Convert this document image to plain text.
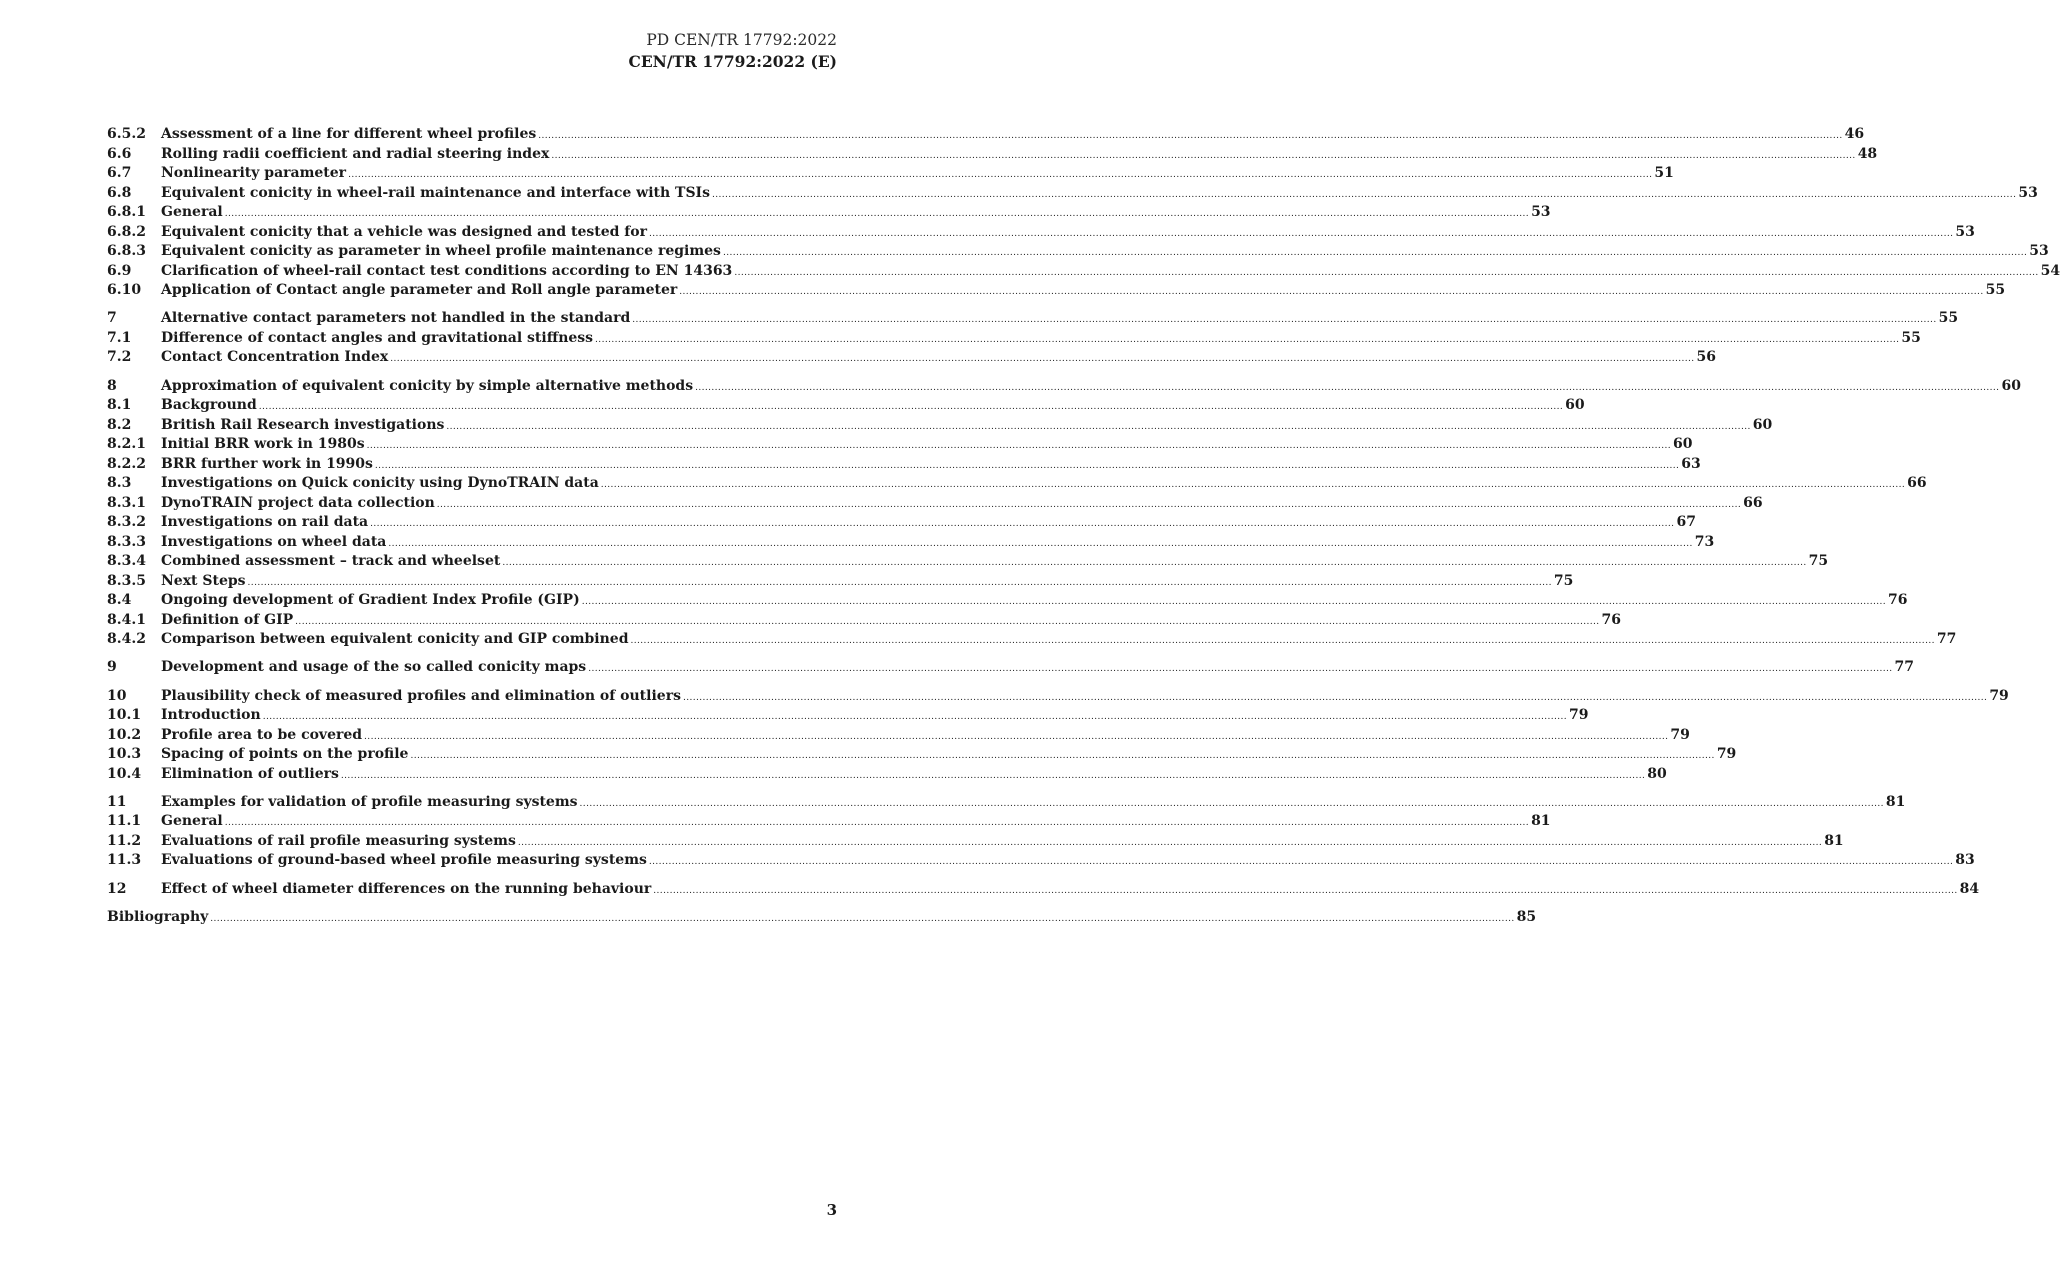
PD CEN/TR 17792:2022
CEN/TR 17792:2022 (E)
6.5.2	Assessment of a line for different wheel profiles ................................................................................................................................................................................................................................................................................................................................................................................................................ 46
6.6	Rolling radii coefficient and radial steering index ................................................................................................................................................................................................................................................................................................................................................................................................................ 48
6.7	Nonlinearity parameter ................................................................................................................................................................................................................................................................................................................................................................................................................ 51
6.8	Equivalent conicity in wheel-rail maintenance and interface with TSIs ................................................................................................................................................................................................................................................................................................................................................................................................................ 53
6.8.1	General ................................................................................................................................................................................................................................................................................................................................................................................................................ 53
6.8.2	Equivalent conicity that a vehicle was designed and tested for ................................................................................................................................................................................................................................................................................................................................................................................................................ 53
6.8.3	Equivalent conicity as parameter in wheel profile maintenance regimes ................................................................................................................................................................................................................................................................................................................................................................................................................ 53
6.9	Clarification of wheel-rail contact test conditions according to EN 14363 ................................................................................................................................................................................................................................................................................................................................................................................................................ 54
6.10	Application of Contact angle parameter and Roll angle parameter ................................................................................................................................................................................................................................................................................................................................................................................................................ 55
7	Alternative contact parameters not handled in the standard ................................................................................................................................................................................................................................................................................................................................................................................................................ 55
7.1	Difference of contact angles and gravitational stiffness ................................................................................................................................................................................................................................................................................................................................................................................................................ 55
7.2	Contact Concentration Index ................................................................................................................................................................................................................................................................................................................................................................................................................ 56
8	Approximation of equivalent conicity by simple alternative methods ................................................................................................................................................................................................................................................................................................................................................................................................................ 60
8.1	Background ................................................................................................................................................................................................................................................................................................................................................................................................................ 60
8.2	British Rail Research investigations ................................................................................................................................................................................................................................................................................................................................................................................................................ 60
8.2.1	Initial BRR work in 1980s ................................................................................................................................................................................................................................................................................................................................................................................................................ 60
8.2.2	BRR further work in 1990s ................................................................................................................................................................................................................................................................................................................................................................................................................ 63
8.3	Investigations on Quick conicity using DynoTRAIN data ................................................................................................................................................................................................................................................................................................................................................................................................................ 66
8.3.1	DynoTRAIN project data collection ................................................................................................................................................................................................................................................................................................................................................................................................................ 66
8.3.2	Investigations on rail data ................................................................................................................................................................................................................................................................................................................................................................................................................ 67
8.3.3	Investigations on wheel data ................................................................................................................................................................................................................................................................................................................................................................................................................ 73
8.3.4	Combined assessment – track and wheelset ................................................................................................................................................................................................................................................................................................................................................................................................................ 75
8.3.5	Next Steps ................................................................................................................................................................................................................................................................................................................................................................................................................ 75
8.4	Ongoing development of Gradient Index Profile (GIP) ................................................................................................................................................................................................................................................................................................................................................................................................................ 76
8.4.1	Definition of GIP ................................................................................................................................................................................................................................................................................................................................................................................................................ 76
8.4.2	Comparison between equivalent conicity and GIP combined ................................................................................................................................................................................................................................................................................................................................................................................................................ 77
9	Development and usage of the so called conicity maps ................................................................................................................................................................................................................................................................................................................................................................................................................ 77
10	Plausibility check of measured profiles and elimination of outliers ................................................................................................................................................................................................................................................................................................................................................................................................................ 79
10.1	Introduction ................................................................................................................................................................................................................................................................................................................................................................................................................ 79
10.2	Profile area to be covered ................................................................................................................................................................................................................................................................................................................................................................................................................ 79
10.3	Spacing of points on the profile ................................................................................................................................................................................................................................................................................................................................................................................................................ 79
10.4	Elimination of outliers ................................................................................................................................................................................................................................................................................................................................................................................................................ 80
11	Examples for validation of profile measuring systems ................................................................................................................................................................................................................................................................................................................................................................................................................ 81
11.1	General ................................................................................................................................................................................................................................................................................................................................................................................................................ 81
11.2	Evaluations of rail profile measuring systems ................................................................................................................................................................................................................................................................................................................................................................................................................ 81
11.3	Evaluations of ground-based wheel profile measuring systems ................................................................................................................................................................................................................................................................................................................................................................................................................ 83
12	Effect of wheel diameter differences on the running behaviour ................................................................................................................................................................................................................................................................................................................................................................................................................ 84
Bibliography ................................................................................................................................................................................................................................................................................................................................................................................................................ 85
3
